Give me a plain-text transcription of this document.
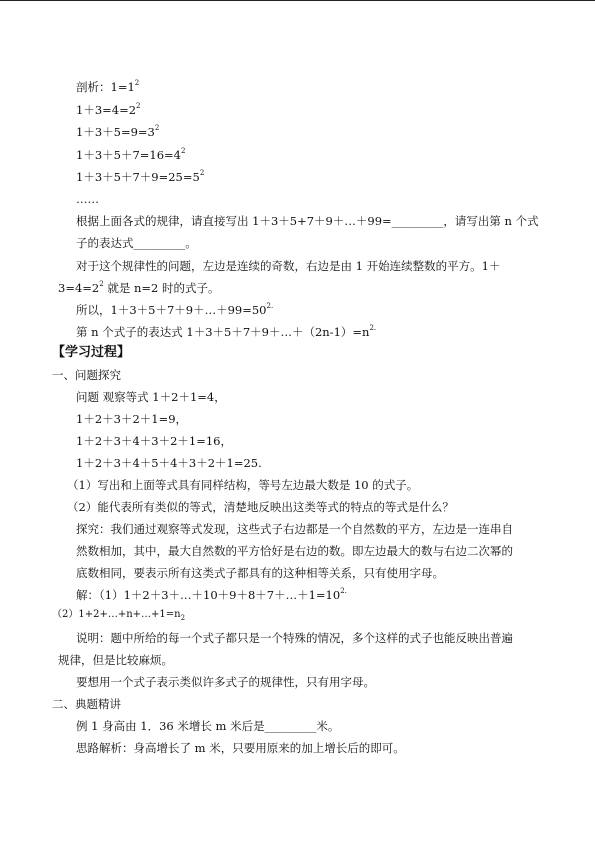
剖析：$1=1^2$
$1+3=4=2^2$
$1+3+5=9=3^2$
$1+3+5+7=16=4^2$
$1+3+5+7+9=25=5^2$
……
根据上面各式的规律，请直接写出 1＋3＋5+7＋9＋…＋99=_________，请写出第 n 个式
子的表达式_________。
对于这个规律性的问题，左边是连续的奇数，右边是由 1 开始连续整数的平方。1＋
$3=4=2^2$ 就是 n=2 时的式子。
所以，$1+3+5+7+9+\dots+99=50^{2.}$
第 n 个式子的表达式 $1+3+5+7+9+\dots+(2n-1)=n^{2.}$
【学习过程】
一、问题探究
问题 观察等式 1＋2＋1=4，
1＋2＋3＋2＋1=9，
1＋2＋3＋4＋3＋2＋1=16，
1＋2＋3＋4＋5＋4＋3＋2＋1=25.
（1）写出和上面等式具有同样结构，等号左边最大数是 10 的式子。
（2）能代表所有类似的等式，清楚地反映出这类等式的特点的等式是什么？
探究：我们通过观察等式发现，这些式子右边都是一个自然数的平方，左边是一连串自
然数相加，其中，最大自然数的平方恰好是右边的数。即左边最大的数与右边二次幂的
底数相同，要表示所有这类式子都具有的这种相等关系，只有使用字母。
解：$(1)1+2+3+\dots+10+9+8+7+\dots+1=10^{2.}$
$(2)1+2+\dots+n+\dots+1=n_2$
说明：题中所给的每一个式子都只是一个特殊的情况，多个这样的式子也能反映出普遍
规律，但是比较麻烦。
要想用一个式子表示类似许多式子的规律性，只有用字母。
二、典题精讲
例 1 身高由 1．36 米增长 m 米后是_________米。
思路解析：身高增长了 m 米，只要用原来的加上增长后的即可。
